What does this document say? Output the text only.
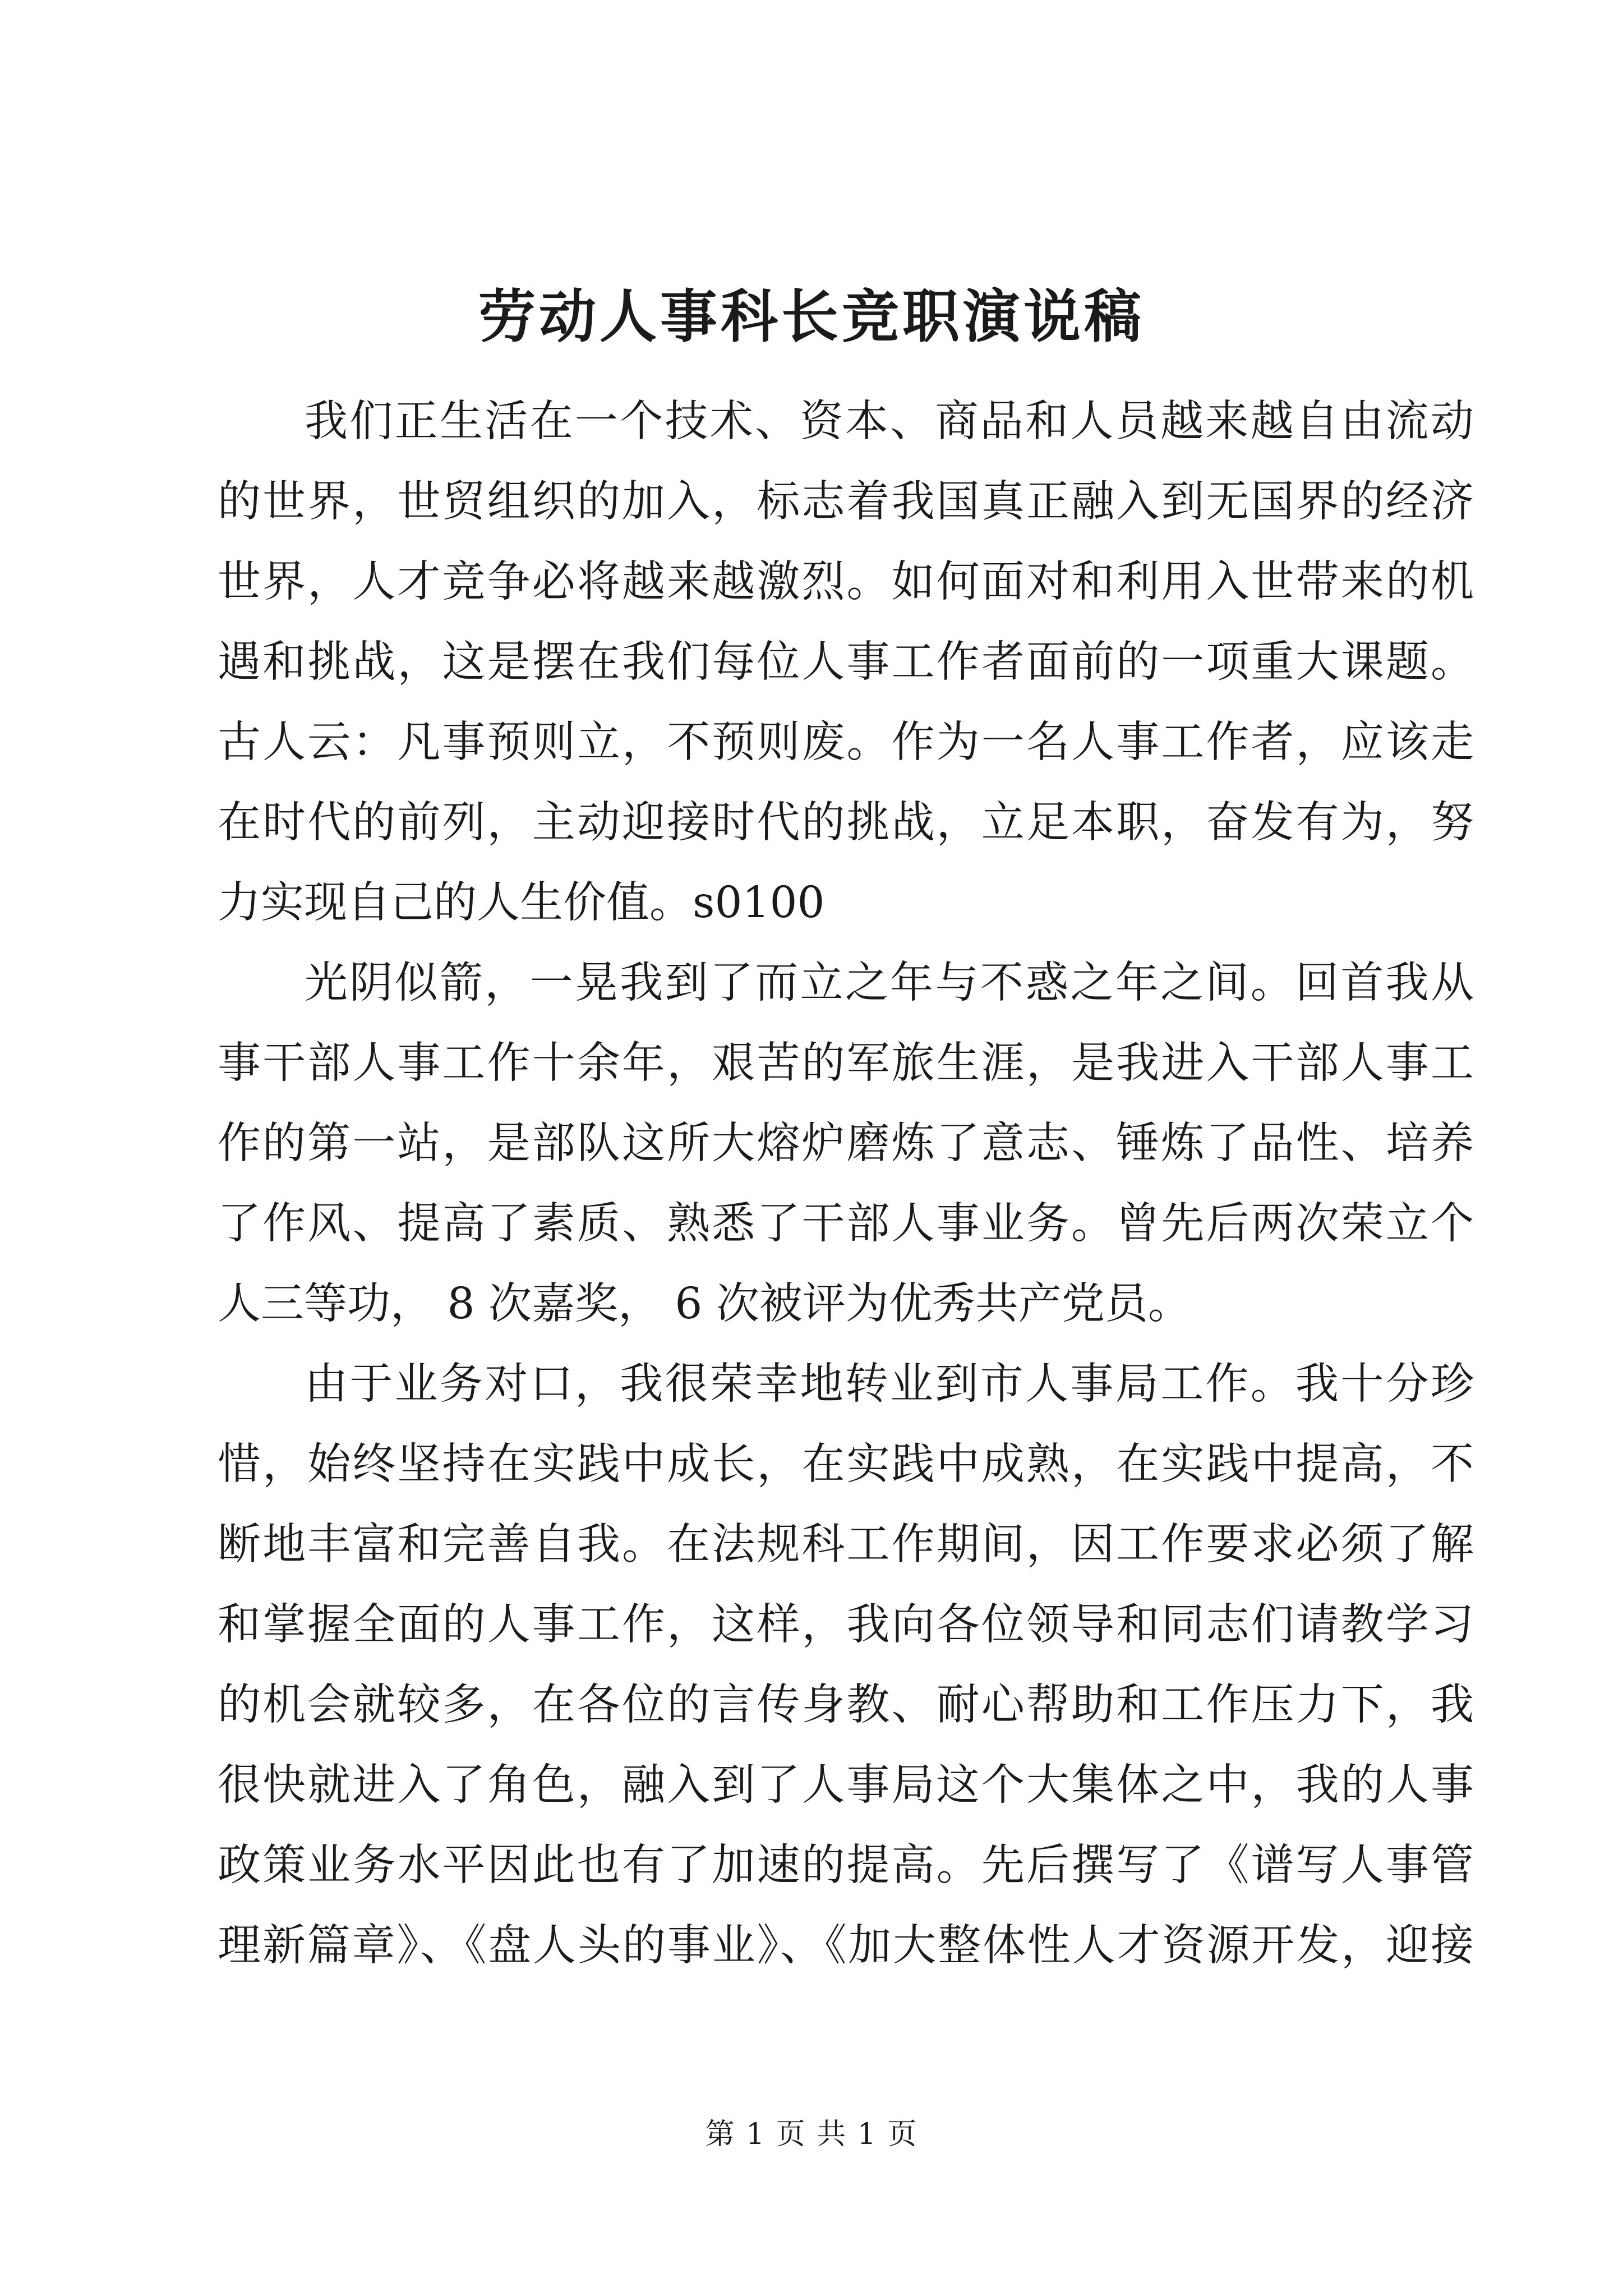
劳动人事科长竞职演说稿
我们正生活在一个技术、资本、商品和人员越来越自由流动
的世界，世贸组织的加入，标志着我国真正融入到无国界的经济
世界，人才竞争必将越来越激烈。如何面对和利用入世带来的机
遇和挑战，这是摆在我们每位人事工作者面前的一项重大课题。
古人云：凡事预则立，不预则废。作为一名人事工作者，应该走
在时代的前列，主动迎接时代的挑战，立足本职，奋发有为，努
力实现自己的人生价值。s0100
光阴似箭，一晃我到了而立之年与不惑之年之间。回首我从
事干部人事工作十余年，艰苦的军旅生涯，是我进入干部人事工
作的第一站，是部队这所大熔炉磨炼了意志、锤炼了品性、培养
了作风、提高了素质、熟悉了干部人事业务。曾先后两次荣立个
人三等功， 8 次嘉奖， 6 次被评为优秀共产党员。
由于业务对口，我很荣幸地转业到市人事局工作。我十分珍
惜，始终坚持在实践中成长，在实践中成熟，在实践中提高，不
断地丰富和完善自我。在法规科工作期间，因工作要求必须了解
和掌握全面的人事工作，这样，我向各位领导和同志们请教学习
的机会就较多，在各位的言传身教、耐心帮助和工作压力下，我
很快就进入了角色，融入到了人事局这个大集体之中，我的人事
政策业务水平因此也有了加速的提高。先后撰写了《谱写人事管
理新篇章》、《盘人头的事业》、《加大整体性人才资源开发，迎接
第 1 页 共 1 页
